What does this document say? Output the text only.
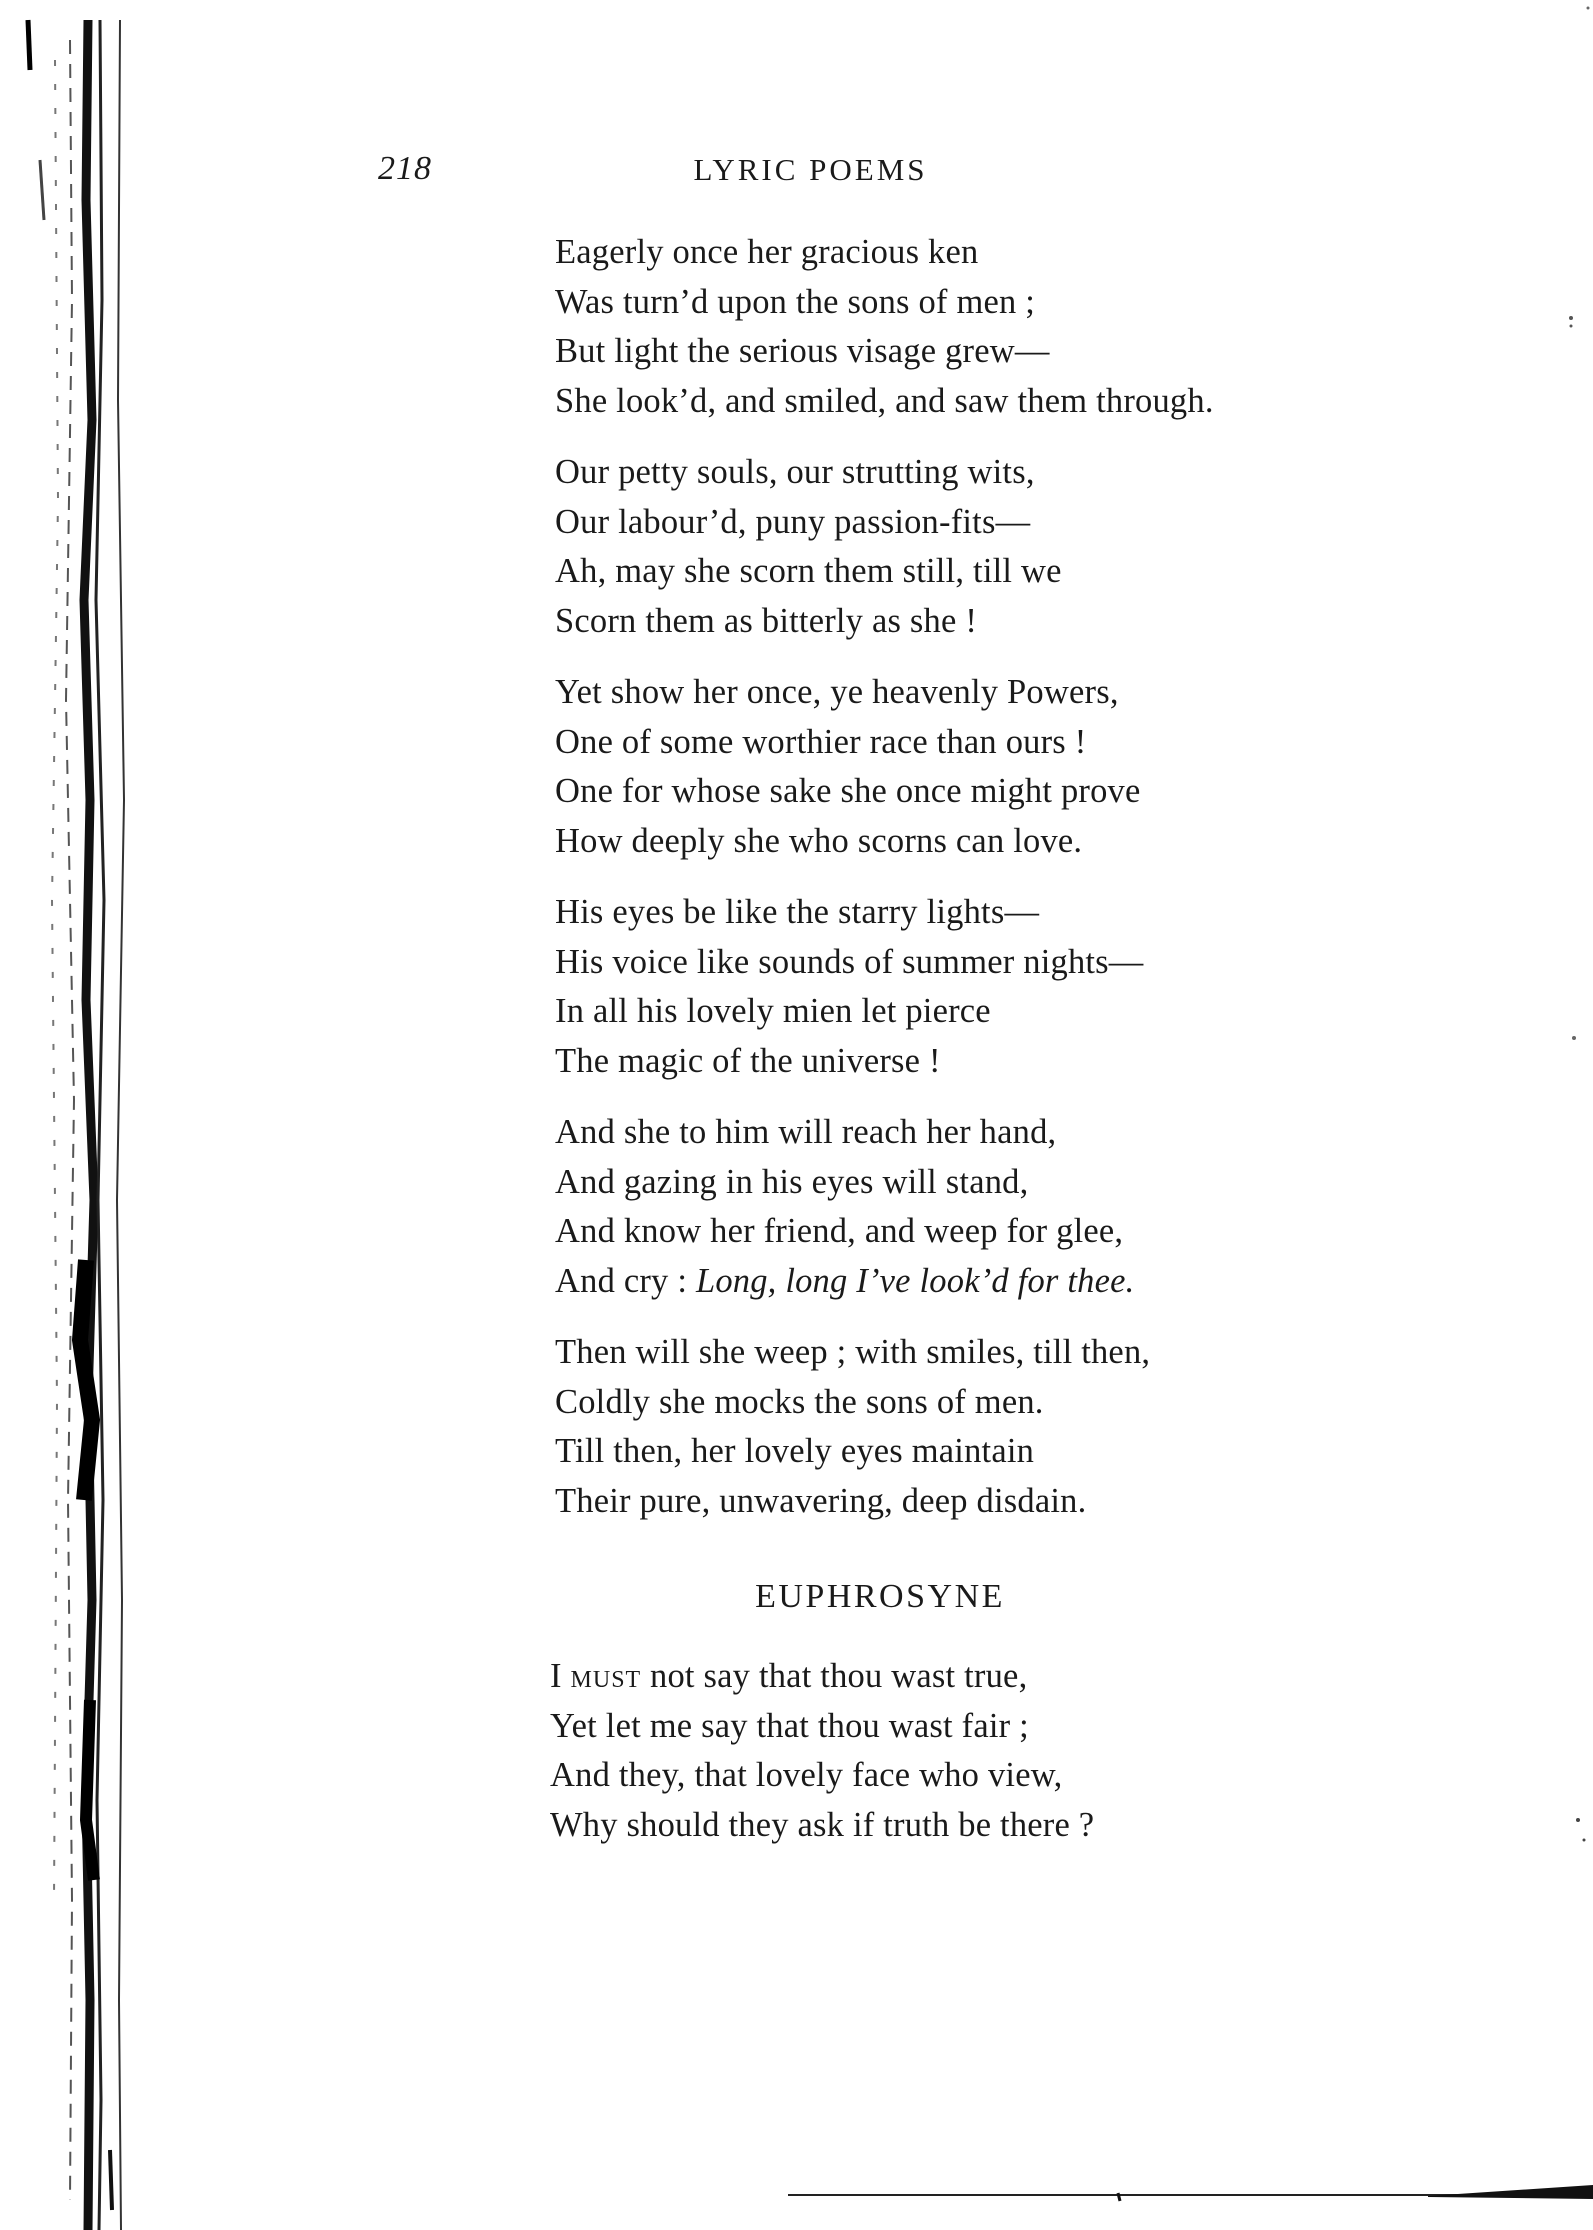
218	LYRIC POEMS
Eagerly once her gracious ken
Was turn’d upon the sons of men ;
But light the serious visage grew—
She look’d, and smiled, and saw them through.
Our petty souls, our strutting wits,
Our labour’d, puny passion-fits—
Ah, may she scorn them still, till we
Scorn them as bitterly as she !
Yet show her once, ye heavenly Powers,
One of some worthier race than ours !
One for whose sake she once might prove
How deeply she who scorns can love.
His eyes be like the starry lights—
His voice like sounds of summer nights—
In all his lovely mien let pierce
The magic of the universe !
And she to him will reach her hand,
And gazing in his eyes will stand,
And know her friend, and weep for glee,
And cry : Long, long I’ve look’d for thee.
Then will she weep ; with smiles, till then,
Coldly she mocks the sons of men.
Till then, her lovely eyes maintain
Their pure, unwavering, deep disdain.
EUPHROSYNE
I must not say that thou wast true,
Yet let me say that thou wast fair ;
And they, that lovely face who view,
Why should they ask if truth be there ?
